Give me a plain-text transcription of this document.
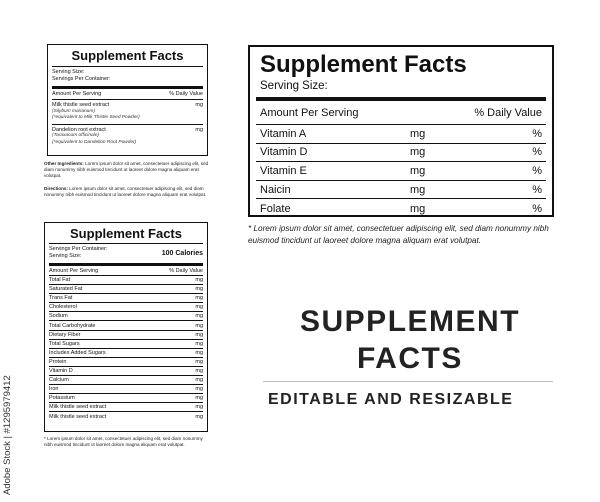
Supplement Facts
Serving Size:
Servings Per Container:
Amount Per Serving	% Daily Value
Milk thistle seed extract
(Silybum marianum)
(*equivalent to Milk Thistle Seed Powder)
mg
Dandelion root extract
(Taraxacum officinale)
(*equivalent to Dandelion Root Powder)
mg
Other Ingredients: Lorem ipsum dolor sit amet, consectetuer adipiscing elit, sed diam nonummy nibh euismod tincidunt ut laoreet dolore magna aliquam erat volutpat.
Directions: Lorem ipsum dolor sit amet, consectetuer adipiscing elit, sed diam nonummy nibh euismod tincidunt ut laoreet dolore magna aliquam erat volutpat.
Supplement Facts
Servings Per Container:
Serving Size:	100 Calories
Amount Per Serving	% Daily Value
Total Fat	mg
Saturated Fat	mg
Trans Fat	mg
Cholesterol	mg
Sodium	mg
Total Carbohydrate	mg
Dietary Fiber	mg
Total Sugars	mg
Includes Added Sugars	mg
Protein	mg
Vitamin D	mg
Calcium	mg
Iron	mg
Potassium	mg
Milk thistle seed extract	mg
Milk thistle seed extract	mg
* Lorem ipsum dolor sit amet, consectetuer adipiscing elit, sed diam nonummy nibh euismod tincidunt ut laoreet dolore magna aliquam erat volutpat.
Supplement Facts
Serving Size:
Amount Per Serving	% Daily Value
Vitamin A	mg	%
Vitamin D	mg	%
Vitamin E	mg	%
Naicin	mg	%
Folate	mg	%
* Lorem ipsum dolor sit amet, consectetuer adipiscing elit, sed diam nonummy nibh euismod tincidunt ut laoreet dolore magna aliquam erat volutpat.
SUPPLEMENT
FACTS
EDITABLE AND RESIZABLE
Adobe Stock | #1295979412
